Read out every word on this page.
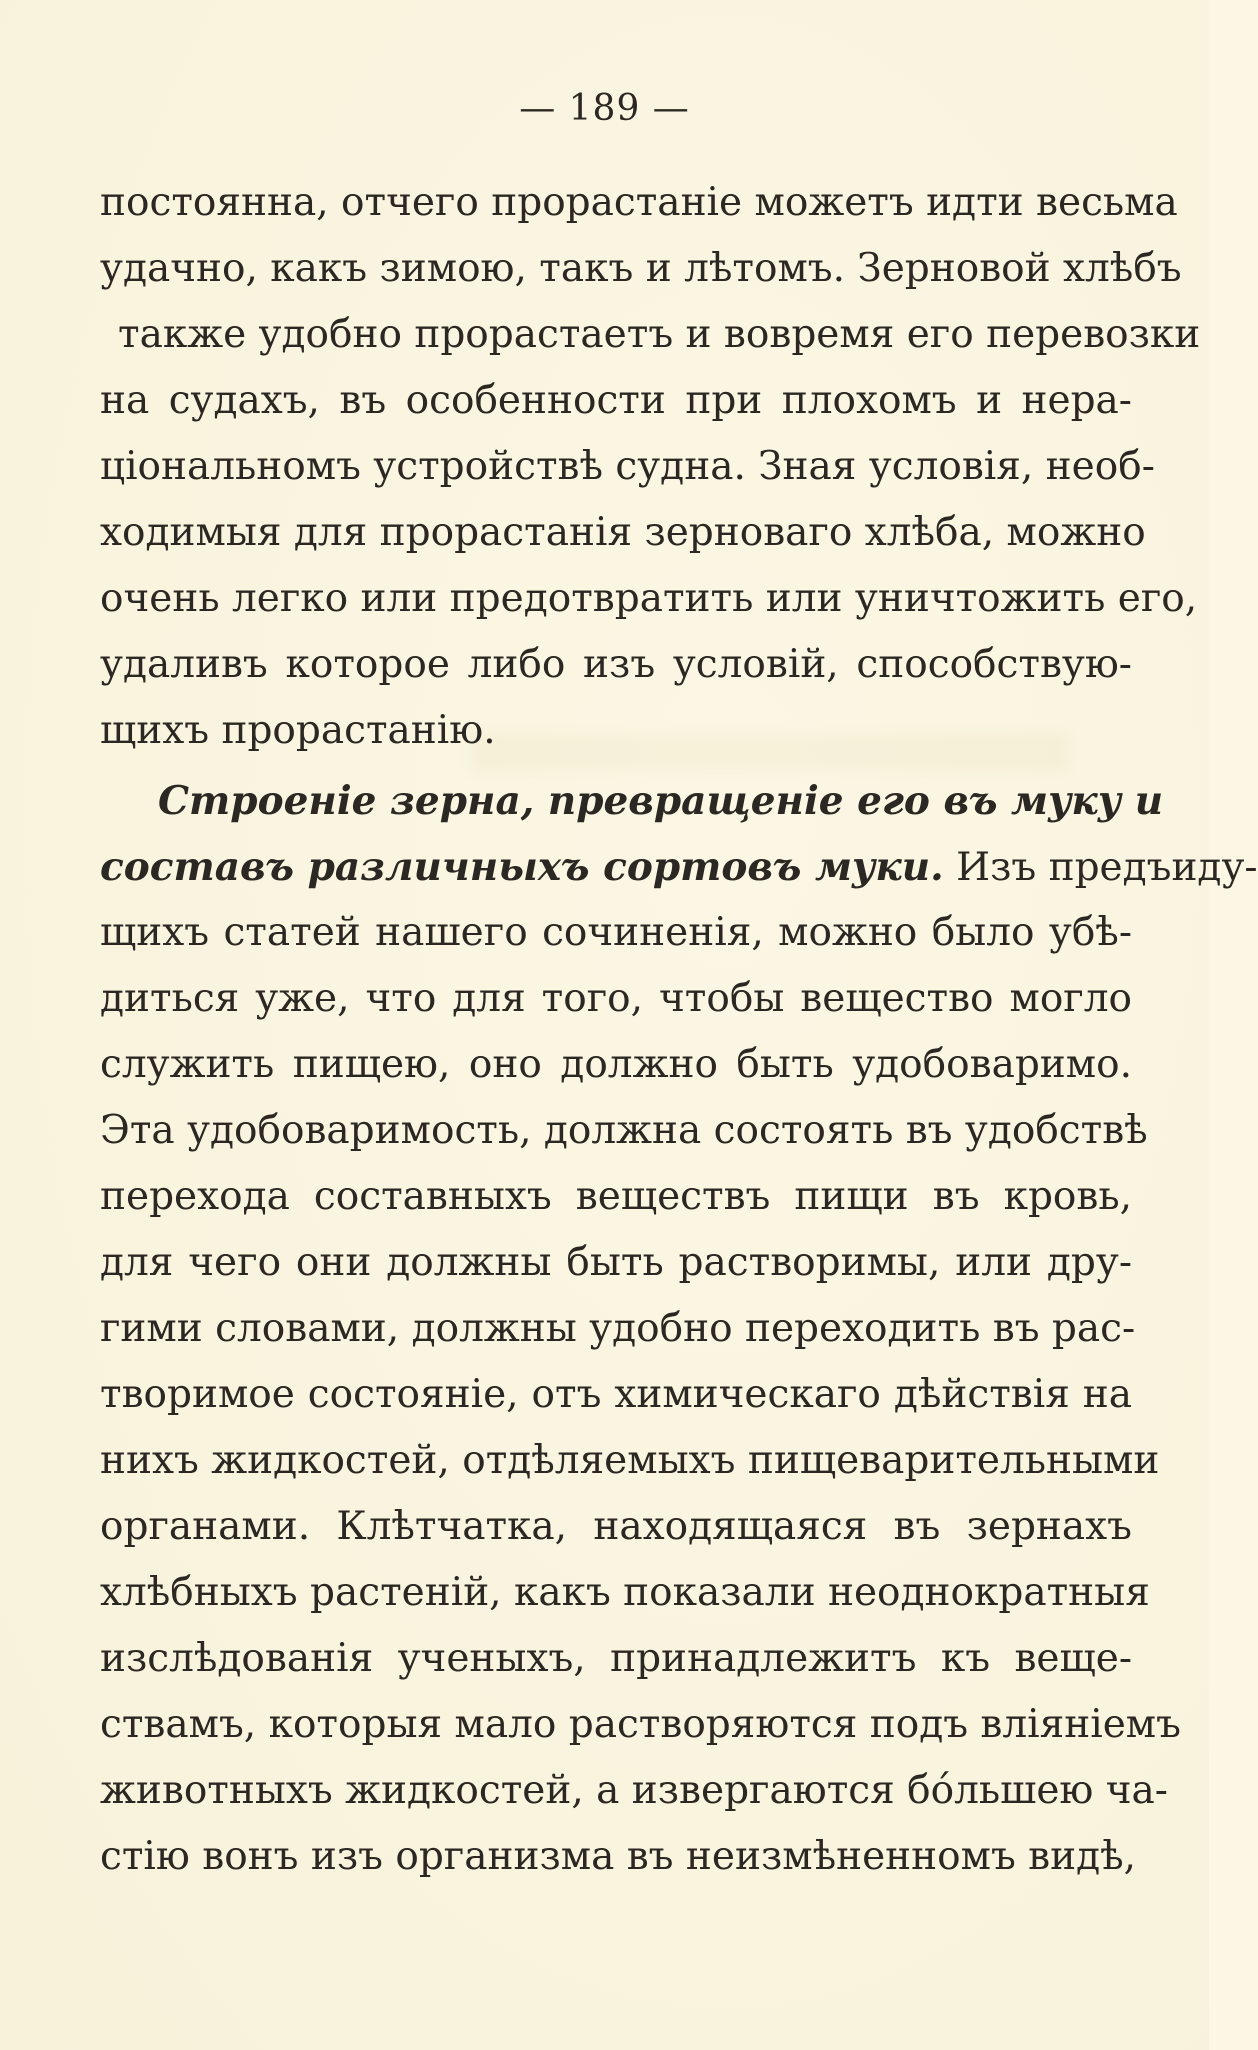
— 189 —
постоянна, отчего прорастаніе можетъ идти весьма
удачно, какъ зимою, такъ и лѣтомъ. Зерновой хлѣбъ
также удобно прорастаетъ и вовремя его перевозки
на судахъ, въ особенности при плохомъ и нера-
ціональномъ устройствѣ судна. Зная условія, необ-
ходимыя для прорастанія зерноваго хлѣба, можно
очень легко или предотвратить или уничтожить его,
удаливъ которое либо изъ условій, способствую-
щихъ прорастанію.
Строеніе зерна, превращеніе его въ муку и
составъ различныхъ сортовъ муки. Изъ предъиду-
щихъ статей нашего сочиненія, можно было убѣ-
диться уже, что для того, чтобы вещество могло
служить пищею, оно должно быть удобоваримо.
Эта удобоваримость, должна состоять въ удобствѣ
перехода составныхъ веществъ пищи въ кровь,
для чего они должны быть растворимы, или дру-
гими словами, должны удобно переходить въ рас-
творимое состояніе, отъ химическаго дѣйствія на
нихъ жидкостей, отдѣляемыхъ пищеварительными
органами. Клѣтчатка, находящаяся въ зернахъ
хлѣбныхъ растеній, какъ показали неоднократныя
изслѣдованія ученыхъ, принадлежитъ къ веще-
ствамъ, которыя мало растворяются подъ вліяніемъ
животныхъ жидкостей, а извергаются бо́льшею ча-
стію вонъ изъ организма въ неизмѣненномъ видѣ,
